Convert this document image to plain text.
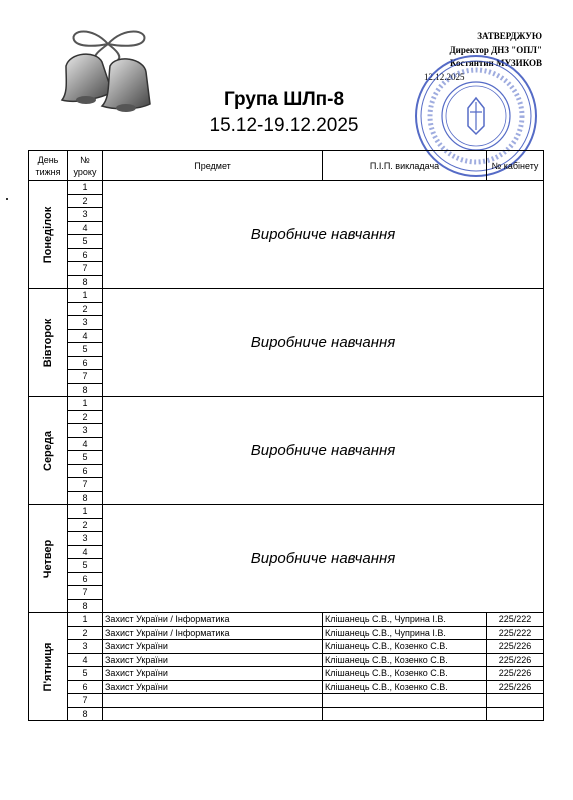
ЗАТВЕРДЖУЮ
Директор ДНЗ "ОПЛ"
Костянтин МУЗИКОВ
12.12.2025
Група ШЛп-8
15.12-19.12.2025
День тижня	№ уроку	Предмет	П.І.П. викладача	№ кабінету

Понеділок	1	Виробниче навчання		
	2			
	3			
	4			
	5			
	6			
	7			
	8			

Вівторок	1	Виробниче навчання		
	2			
	3			
	4			
	5			
	6			
	7			
	8			

Середа	1	Виробниче навчання		
	2			
	3			
	4			
	5			
	6			
	7			
	8			

Четвер	1	Виробниче навчання		
	2			
	3			
	4			
	5			
	6			
	7			
	8			

П'ятниця	1	Захист України / Інформатика	Клішанець С.В., Чуприна І.В.	225/222
	2	Захист України / Інформатика	Клішанець С.В., Чуприна І.В.	225/222
	3	Захист України	Клішанець С.В., Козенко С.В.	225/226
	4	Захист України	Клішанець С.В., Козенко С.В.	225/226
	5	Захист України	Клішанець С.В., Козенко С.В.	225/226
	6	Захист України	Клішанець С.В., Козенко С.В.	225/226
	7			
	8			
